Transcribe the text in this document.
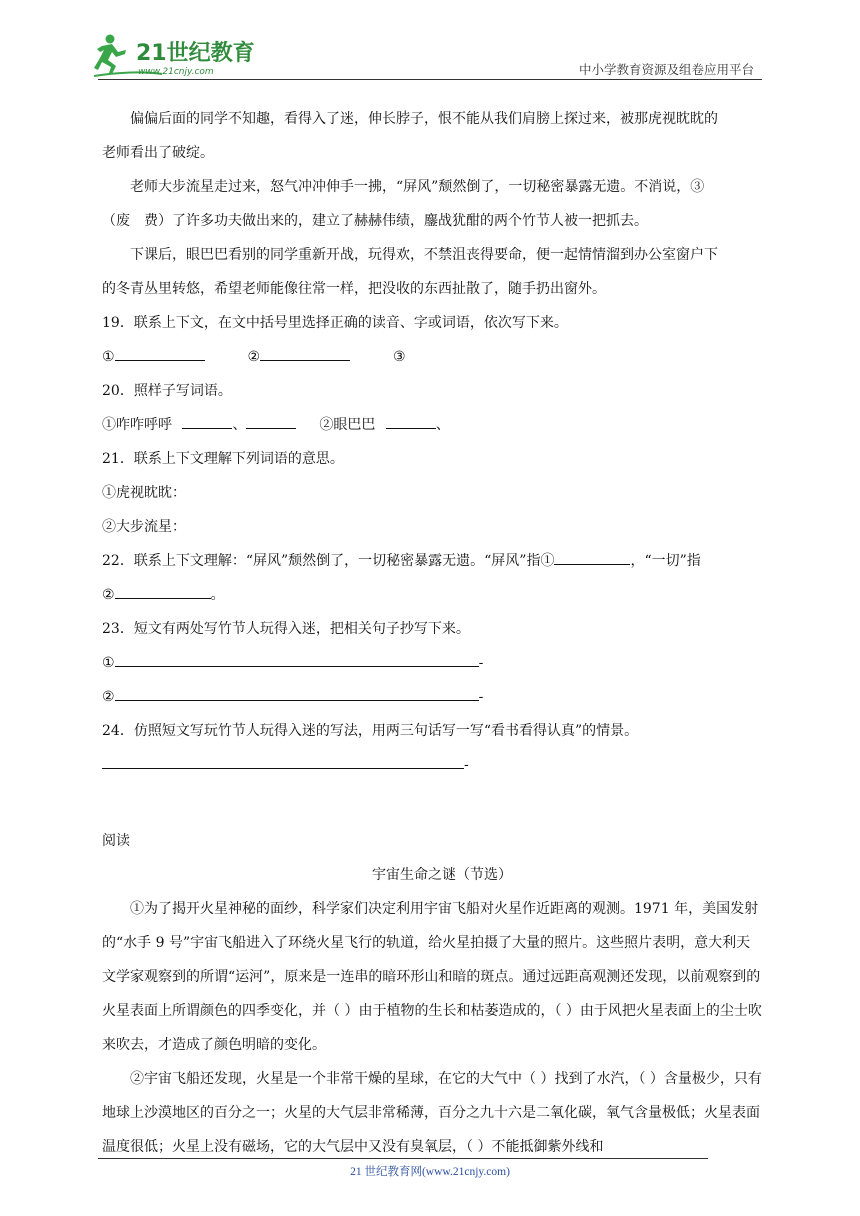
21世纪教育
www.21cnjy.com	中小学教育资源及组卷应用平台

偏偏后面的同学不知趣，看得入了迷，伸长脖子，恨不能从我们肩膀上探过来，被那虎视眈眈的

老师看出了破绽。

老师大步流星走过来，怒气冲冲伸手一拂，“屏风”颓然倒了，一切秘密暴露无遗。不消说，③

（废　费）了许多功夫做出来的，建立了赫赫伟绩，鏖战犹酣的两个竹节人被一把抓去。

下课后，眼巴巴看别的同学重新开战，玩得欢，不禁沮丧得要命，便一起情情溜到办公室窗户下

的冬青丛里转悠，希望老师能像往常一样，把没收的东西扯散了，随手扔出窗外。

19．联系上下文，在文中括号里选择正确的读音、字或词语，依次写下来。

①	②	③

20．照样子写词语。

①咋咋呼呼	、	②眼巴巴	、

21．联系上下文理解下列词语的意思。

①虎视眈眈：

②大步流星：

22．联系上下文理解：“屏风”颓然倒了，一切秘密暴露无遗。“屏风”指①	，“一切”指

②	。

23．短文有两处写竹节人玩得入迷，把相关句子抄写下来。

①	-

②	-

24．仿照短文写玩竹节人玩得入迷的写法，用两三句话写一写“看书看得认真”的情景。

-

阅读

宇宙生命之谜（节选）

①为了揭开火星神秘的面纱，科学家们决定利用宇宙飞船对火星作近距离的观测。1971 年，美国发射的“水手 9 号”宇宙飞船进入了环绕火星飞行的轨道，给火星拍摄了大量的照片。这些照片表明，意大利天文学家观察到的所谓“运河”，原来是一连串的暗环形山和暗的斑点。通过远距高观测还发现，以前观察到的火星表面上所谓颜色的四季变化，并（ ）由于植物的生长和枯萎造成的，（ ）由于风把火星表面上的尘士吹来吹去，才造成了颜色明暗的变化。

②宇宙飞船还发现，火星是一个非常干燥的星球，在它的大气中（ ）找到了水汽，（ ）含量极少，只有地球上沙漠地区的百分之一；火星的大气层非常稀薄，百分之九十六是二氧化碳，氧气含量极低；火星表面温度很低；火星上没有磁场，它的大气层中又没有臭氧层，（ ）不能抵御紫外线和

21 世纪教育网(www.21cnjy.com)
